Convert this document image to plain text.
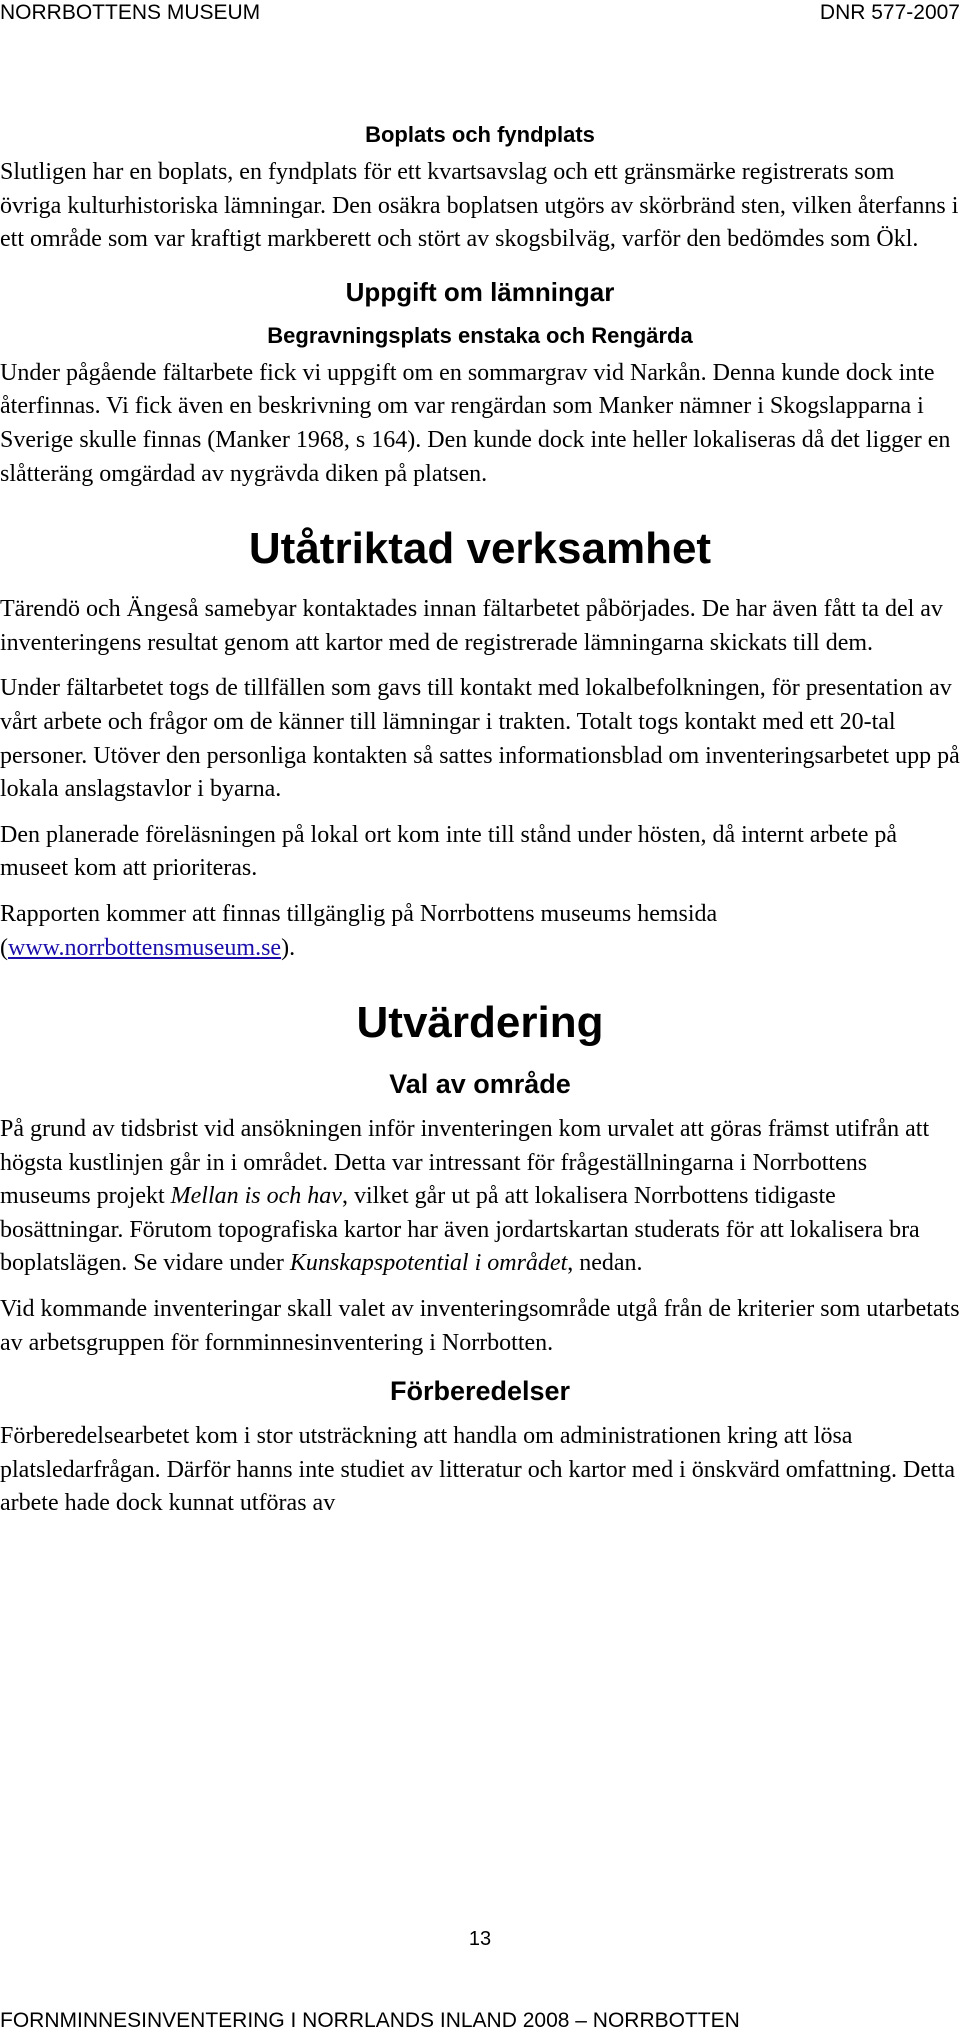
NORRBOTTENS MUSEUM	DNR 577-2007
Boplats och fyndplats

Slutligen har en boplats, en fyndplats för ett kvartsavslag och ett gränsmärke registrerats som övriga kulturhistoriska lämningar. Den osäkra boplatsen utgörs av skörbränd sten, vilken återfanns i ett område som var kraftigt markberett och stört av skogsbilväg, varför den bedömdes som Ökl.

Uppgift om lämningar
Begravningsplats enstaka och Rengärda

Under pågående fältarbete fick vi uppgift om en sommargrav vid Narkån. Denna kunde dock inte återfinnas. Vi fick även en beskrivning om var rengärdan som Manker nämner i Skogslapparna i Sverige skulle finnas (Manker 1968, s 164). Den kunde dock inte heller lokaliseras då det ligger en slåtteräng omgärdad av nygrävda diken på platsen.

Utåtriktad verksamhet

Tärendö och Ängeså samebyar kontaktades innan fältarbetet påbörjades. De har även fått ta del av inventeringens resultat genom att kartor med de registrerade lämningarna skickats till dem.

Under fältarbetet togs de tillfällen som gavs till kontakt med lokalbefolkningen, för presentation av vårt arbete och frågor om de känner till lämningar i trakten. Totalt togs kontakt med ett 20-tal personer. Utöver den personliga kontakten så sattes informationsblad om inventeringsarbetet upp på lokala anslagstavlor i byarna.

Den planerade föreläsningen på lokal ort kom inte till stånd under hösten, då internt arbete på museet kom att prioriteras.

Rapporten kommer att finnas tillgänglig på Norrbottens museums hemsida (www.norrbottensmuseum.se).

Utvärdering
Val av område

På grund av tidsbrist vid ansökningen inför inventeringen kom urvalet att göras främst utifrån att högsta kustlinjen går in i området. Detta var intressant för frågeställningarna i Norrbottens museums projekt Mellan is och hav, vilket går ut på att lokalisera Norrbottens tidigaste bosättningar. Förutom topografiska kartor har även jordartskartan studerats för att lokalisera bra boplatslägen. Se vidare under Kunskapspotential i området, nedan.

Vid kommande inventeringar skall valet av inventeringsområde utgå från de kriterier som utarbetats av arbetsgruppen för fornminnesinventering i Norrbotten.

Förberedelser

Förberedelsearbetet kom i stor utsträckning att handla om administrationen kring att lösa platsledarfrågan. Därför hanns inte studiet av litteratur och kartor med i önskvärd omfattning. Detta arbete hade dock kunnat utföras av

13
FORNMINNESINVENTERING I NORRLANDS INLAND 2008 – NORRBOTTEN
